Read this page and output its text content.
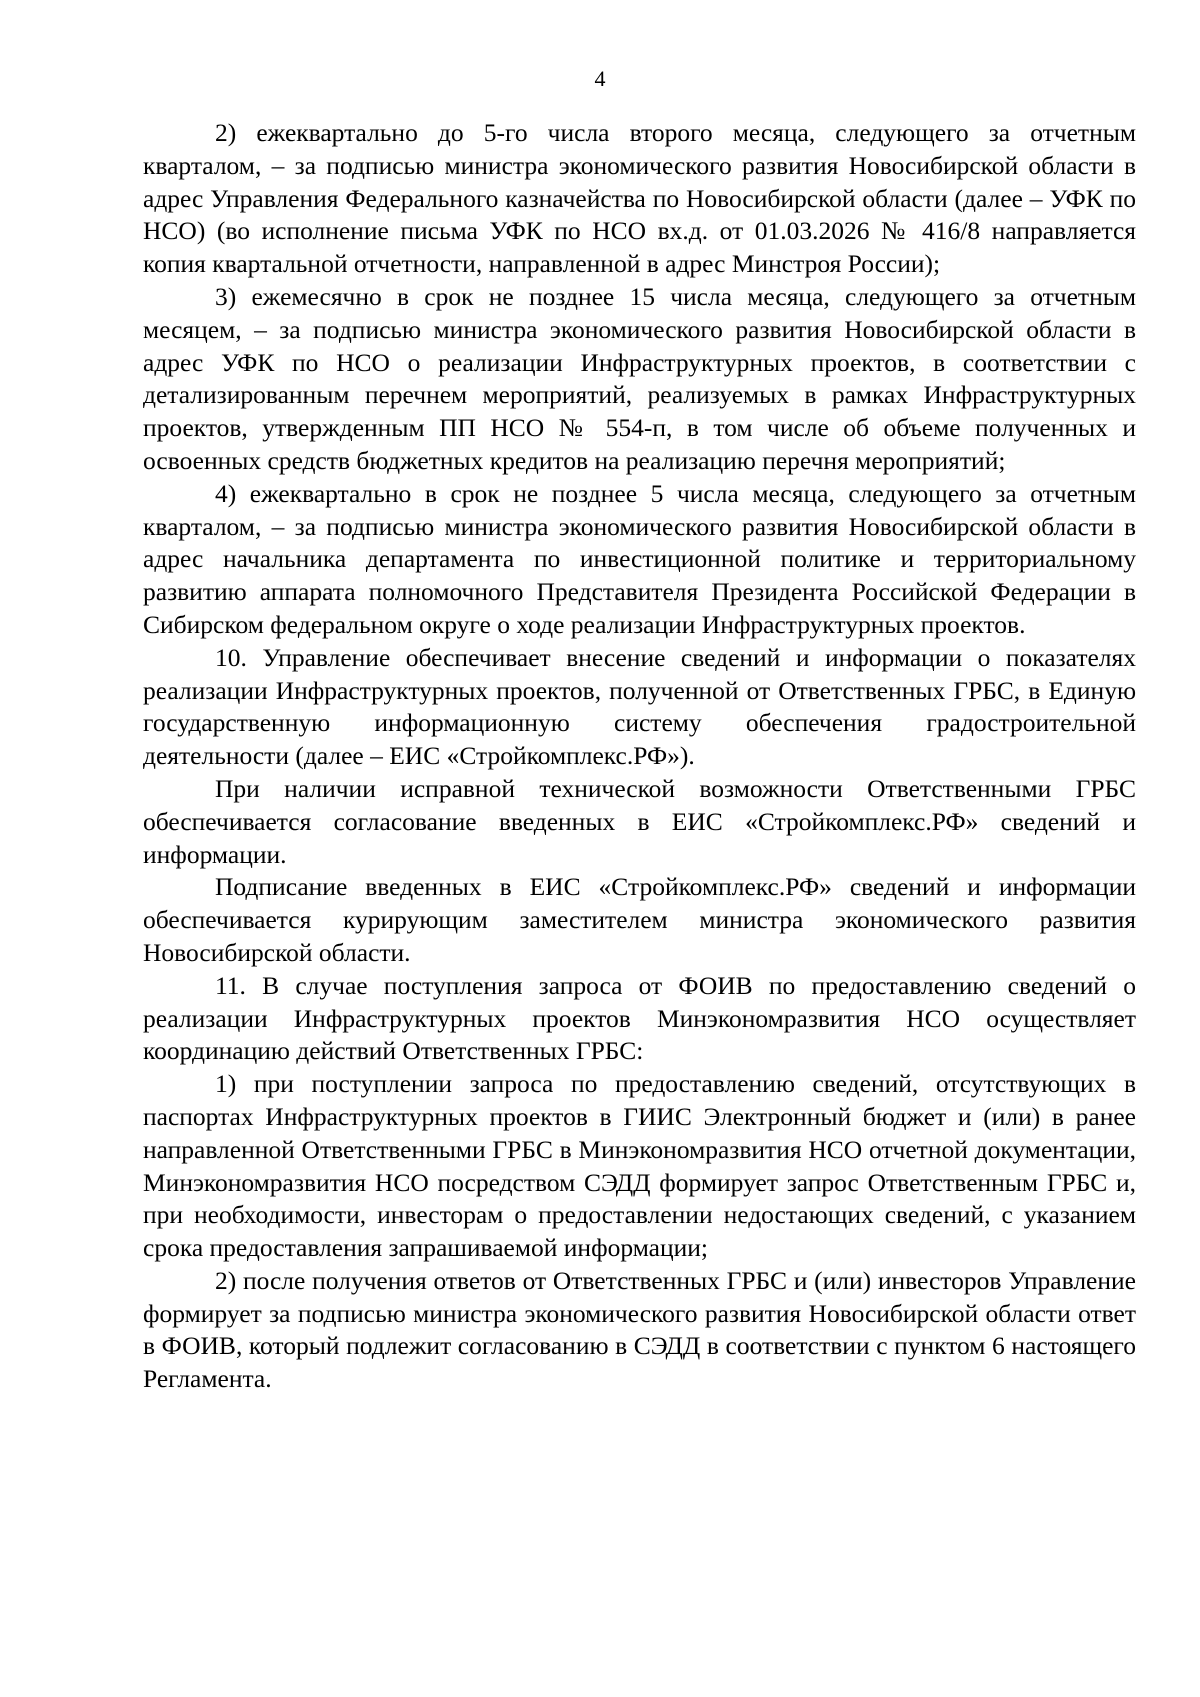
4

2) ежеквартально до 5-го числа второго месяца, следующего за отчетным кварталом, – за подписью министра экономического развития Новосибирской области в адрес Управления Федерального казначейства по Новосибирской области (далее – УФК по НСО) (во исполнение письма УФК по НСО вх.д. от 01.03.2026 № 416/8 направляется копия квартальной отчетности, направленной в адрес Минстроя России);

3) ежемесячно в срок не позднее 15 числа месяца, следующего за отчетным месяцем, – за подписью министра экономического развития Новосибирской области в адрес УФК по НСО о реализации Инфраструктурных проектов, в соответствии с детализированным перечнем мероприятий, реализуемых в рамках Инфраструктурных проектов, утвержденным ПП НСО № 554-п, в том числе об объеме полученных и освоенных средств бюджетных кредитов на реализацию перечня мероприятий;

4) ежеквартально в срок не позднее 5 числа месяца, следующего за отчетным кварталом, – за подписью министра экономического развития Новосибирской области в адрес начальника департамента по инвестиционной политике и территориальному развитию аппарата полномочного Представителя Президента Российской Федерации в Сибирском федеральном округе о ходе реализации Инфраструктурных проектов.

10. Управление обеспечивает внесение сведений и информации о показателях реализации Инфраструктурных проектов, полученной от Ответственных ГРБС, в Единую государственную информационную систему обеспечения градостроительной деятельности (далее – ЕИС «Стройкомплекс.РФ»).

При наличии исправной технической возможности Ответственными ГРБС обеспечивается согласование введенных в ЕИС «Стройкомплекс.РФ» сведений и информации.

Подписание введенных в ЕИС «Стройкомплекс.РФ» сведений и информации обеспечивается курирующим заместителем министра экономического развития Новосибирской области.

11. В случае поступления запроса от ФОИВ по предоставлению сведений о реализации Инфраструктурных проектов Минэкономразвития НСО осуществляет координацию действий Ответственных ГРБС:

1) при поступлении запроса по предоставлению сведений, отсутствующих в паспортах Инфраструктурных проектов в ГИИС Электронный бюджет и (или) в ранее направленной Ответственными ГРБС в Минэкономразвития НСО отчетной документации, Минэкономразвития НСО посредством СЭДД формирует запрос Ответственным ГРБС и, при необходимости, инвесторам о предоставлении недостающих сведений, с указанием срока предоставления запрашиваемой информации;

2) после получения ответов от Ответственных ГРБС и (или) инвесторов Управление формирует за подписью министра экономического развития Новосибирской области ответ в ФОИВ, который подлежит согласованию в СЭДД в соответствии с пунктом 6 настоящего Регламента.
